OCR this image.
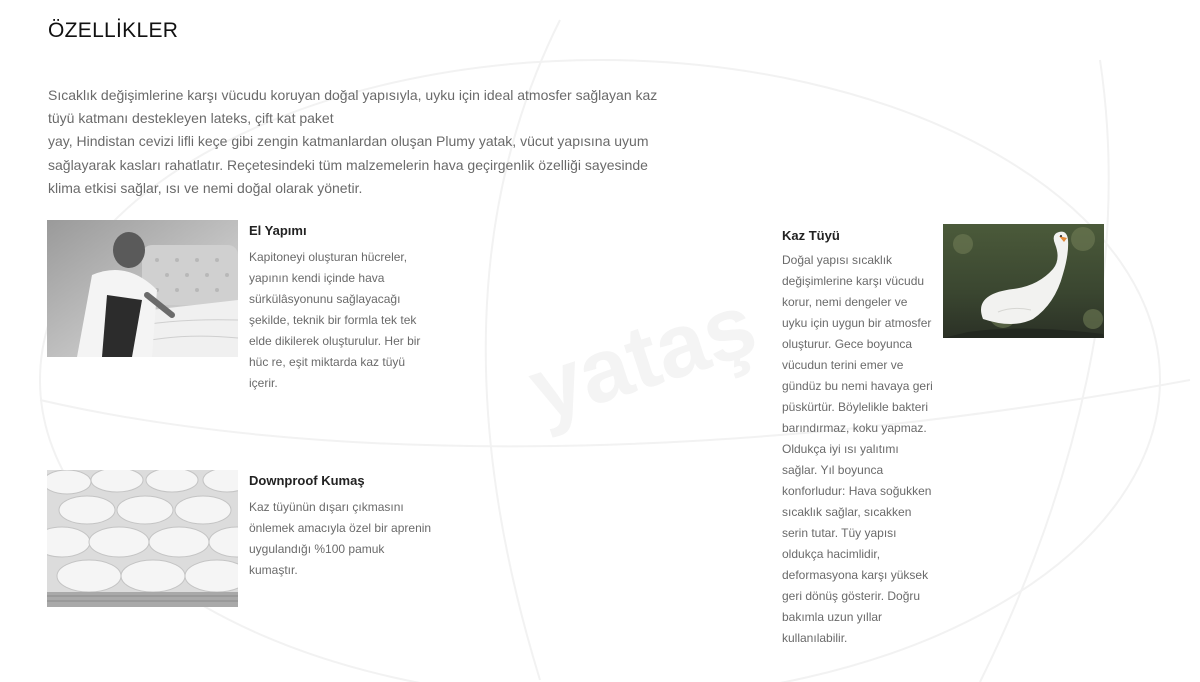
yataş
ÖZELLİKLER

Sıcaklık değişimlerine karşı vücudu koruyan doğal yapısıyla, uyku için ideal atmosfer sağlayan kaz
tüyü katmanı destekleyen lateks, çift kat paket
yay, Hindistan cevizi lifli keçe gibi zengin katmanlardan oluşan Plumy yatak, vücut yapısına uyum
sağlayarak kasları rahatlatır. Reçetesindeki tüm malzemelerin hava geçirgenlik özelliği sayesinde
klima etkisi sağlar, ısı ve nemi doğal olarak yönetir.

El Yapımı

Kapitoneyi oluşturan hücreler,
yapının kendi içinde hava
sürkülâsyonunu sağlayacağı
şekilde, teknik bir formla tek tek
elde dikilerek oluşturulur. Her bir
hüc re, eşit miktarda kaz tüyü
içerir.

Downproof Kumaş

Kaz tüyünün dışarı çıkmasını
önlemek amacıyla özel bir aprenin
uygulandığı %100 pamuk
kumaştır.

Kaz Tüyü

Doğal yapısı sıcaklık
değişimlerine karşı vücudu
korur, nemi dengeler ve
uyku için uygun bir atmosfer
oluşturur. Gece boyunca
vücudun terini emer ve
gündüz bu nemi havaya geri
püskürtür. Böylelikle bakteri
barındırmaz, koku yapmaz.
Oldukça iyi ısı yalıtımı
sağlar. Yıl boyunca
konforludur: Hava soğukken
sıcaklık sağlar, sıcakken
serin tutar. Tüy yapısı
oldukça hacimlidir,
deformasyona karşı yüksek
geri dönüş gösterir. Doğru
bakımla uzun yıllar
kullanılabilir.
